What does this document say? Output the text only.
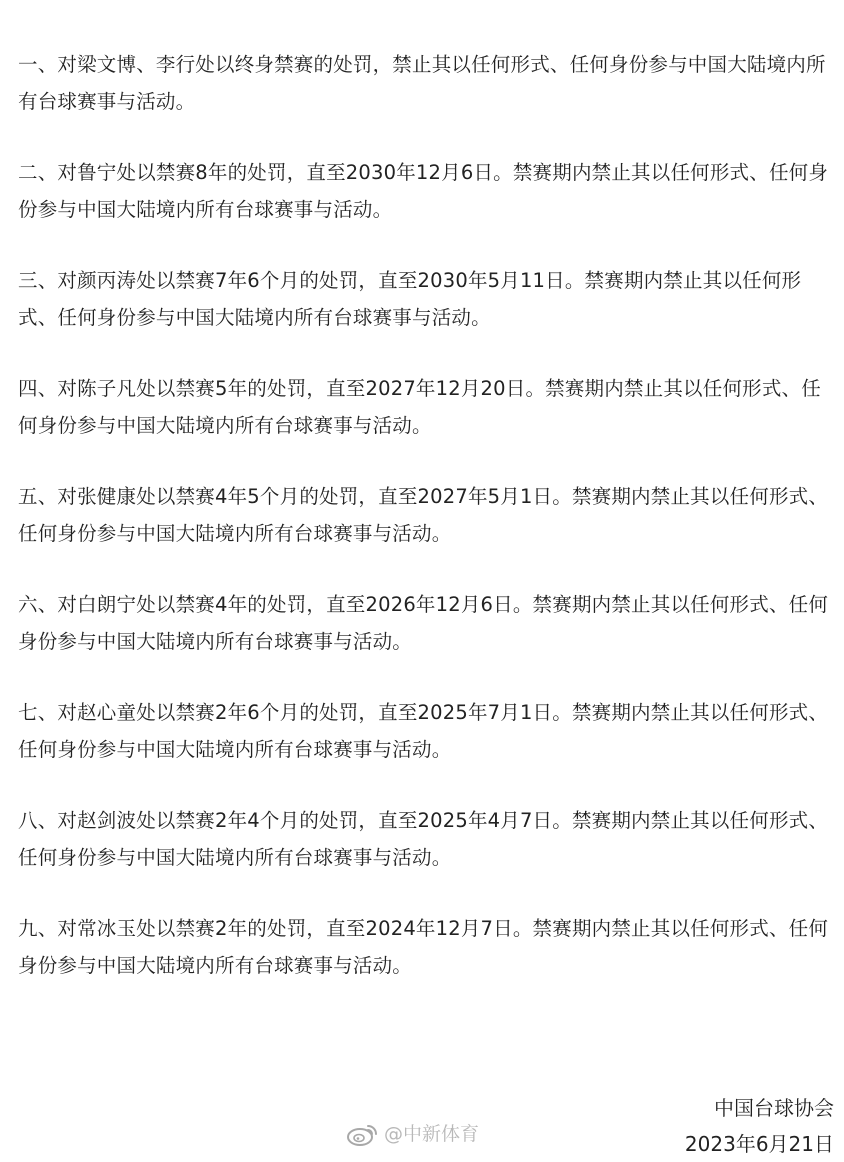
一、对梁文博、李行处以终身禁赛的处罚，禁止其以任何形式、任何身份参与中国大陆境内所有台球赛事与活动。
二、对鲁宁处以禁赛8年的处罚，直至2030年12月6日。禁赛期内禁止其以任何形式、任何身份参与中国大陆境内所有台球赛事与活动。
三、对颜丙涛处以禁赛7年6个月的处罚，直至2030年5月11日。禁赛期内禁止其以任何形式、任何身份参与中国大陆境内所有台球赛事与活动。
四、对陈子凡处以禁赛5年的处罚，直至2027年12月20日。禁赛期内禁止其以任何形式、任何身份参与中国大陆境内所有台球赛事与活动。
五、对张健康处以禁赛4年5个月的处罚，直至2027年5月1日。禁赛期内禁止其以任何形式、任何身份参与中国大陆境内所有台球赛事与活动。
六、对白朗宁处以禁赛4年的处罚，直至2026年12月6日。禁赛期内禁止其以任何形式、任何身份参与中国大陆境内所有台球赛事与活动。
七、对赵心童处以禁赛2年6个月的处罚，直至2025年7月1日。禁赛期内禁止其以任何形式、任何身份参与中国大陆境内所有台球赛事与活动。
八、对赵剑波处以禁赛2年4个月的处罚，直至2025年4月7日。禁赛期内禁止其以任何形式、任何身份参与中国大陆境内所有台球赛事与活动。
九、对常冰玉处以禁赛2年的处罚，直至2024年12月7日。禁赛期内禁止其以任何形式、任何身份参与中国大陆境内所有台球赛事与活动。
中国台球协会
2023年6月21日
@中新体育
